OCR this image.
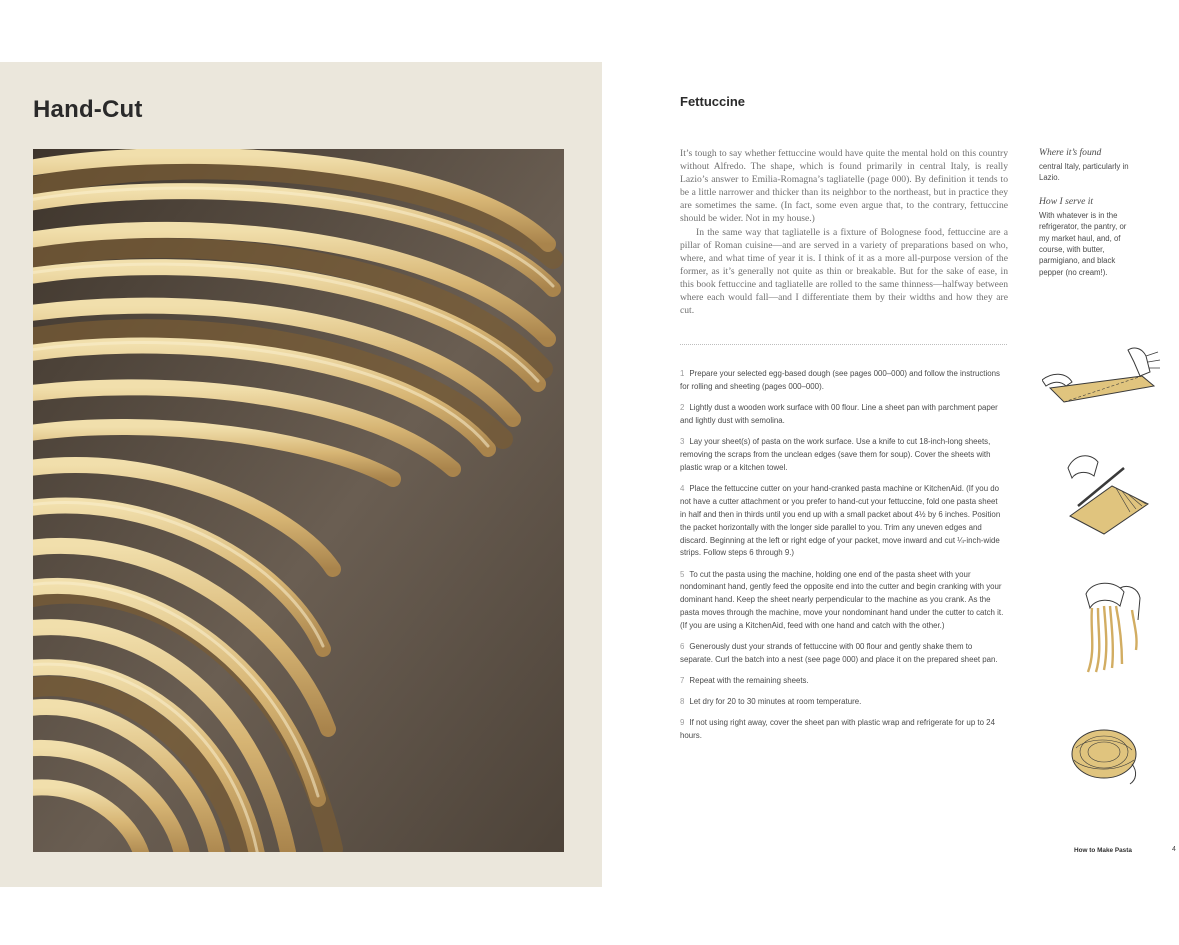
Hand-Cut	Fettuccine

It’s tough to say whether fettuccine would have quite the mental hold on this country without Alfredo. The shape, which is found primarily in central Italy, is really Lazio’s answer to Emilia-Romagna’s tagliatelle (page 000). By definition it tends to be a little narrower and thicker than its neighbor to the northeast, but in practice they are sometimes the same. (In fact, some even argue that, to the contrary, fettuccine should be wider. Not in my house.)

In the same way that tagliatelle is a fixture of Bolognese food, fettuccine are a pillar of Roman cuisine—and are served in a variety of preparations based on who, where, and what time of year it is. I think of it as a more all-purpose version of the former, as it’s generally not quite as thin or breakable. But for the sake of ease, in this book fettuccine and tagliatelle are rolled to the same thinness—halfway between where each would fall—and I differentiate them by their widths and how they are cut.

Where it’s found

central Italy, particularly in Lazio.

How I serve it

With whatever is in the refrigerator, the pantry, or my market haul, and, of course, with butter, parmigiano, and black pepper (no cream!).

1 Prepare your selected egg-based dough (see pages 000–000) and follow the instructions for rolling and sheeting (pages 000–000).
2 Lightly dust a wooden work surface with 00 flour. Line a sheet pan with parchment paper and lightly dust with semolina.
3 Lay your sheet(s) of pasta on the work surface. Use a knife to cut 18-inch-long sheets, removing the scraps from the unclean edges (save them for soup). Cover the sheets with plastic wrap or a kitchen towel.
4 Place the fettuccine cutter on your hand-cranked pasta machine or KitchenAid. (If you do not have a cutter attachment or you prefer to hand-cut your fettuccine, fold one pasta sheet in half and then in thirds until you end up with a small packet about 4½ by 6 inches. Position the packet horizontally with the longer side parallel to you. Trim any uneven edges and discard. Beginning at the left or right edge of your packet, move inward and cut ¼-inch-wide strips. Follow steps 6 through 9.)
5 To cut the pasta using the machine, holding one end of the pasta sheet with your nondominant hand, gently feed the opposite end into the cutter and begin cranking with your dominant hand. Keep the sheet nearly perpendicular to the machine as you crank. As the pasta moves through the machine, move your nondominant hand under the cutter to catch it. (If you are using a KitchenAid, feed with one hand and catch with the other.)
6 Generously dust your strands of fettuccine with 00 flour and gently shake them to separate. Curl the batch into a nest (see page 000) and place it on the prepared sheet pan.
7 Repeat with the remaining sheets.
8 Let dry for 20 to 30 minutes at room temperature.
9 If not using right away, cover the sheet pan with plastic wrap and refrigerate for up to 24 hours.
How to Make Pasta	4
